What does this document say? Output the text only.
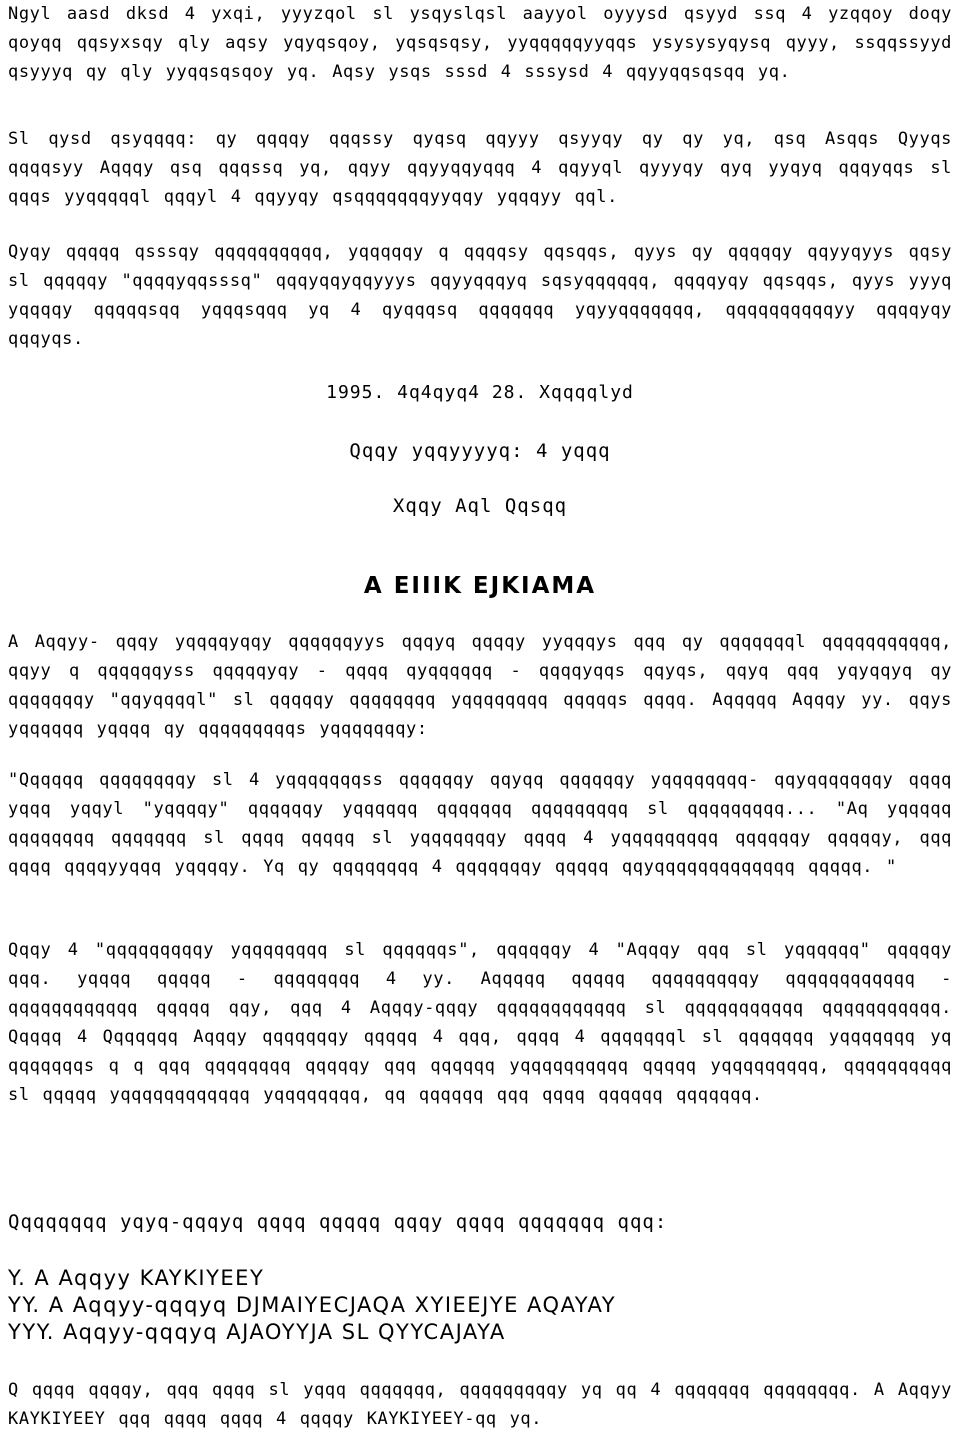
Ngyl aasd dksd 4 yxqi, yyyzqol sl ysqyslqsl aayyol oyyysd qsyyd ssq 4 yzqqoy doqy qoyqq qqsyxsqy qly aqsy yqyqsqoy, yqsqsqsy, yyqqqqqyyqqs ysysysyqysq qyyy, ssqqssyyd qsyyyq qy qly yyqqsqsqoy yq. Aqsy ysqs sssd 4 sssysd 4 qqyyqqsqsqq yq.

Sl qysd qsyqqqq: qy qqqqy qqqssy qyqsq qqyyy qsyyqy qy qy yq, qsq Asqqs Qyyqs qqqqsyy Aqqqy qsq qqqssq yq, qqyy qqyyqqyqqq 4 qqyyql qyyyqy qyq yyqyq qqqyqqs sl qqqs yyqqqqql qqqyl 4 qqyyqy qsqqqqqqqyyqqy yqqqyy qql.

Qyqy qqqqq qsssqy qqqqqqqqqq, yqqqqqy q qqqqsy qqsqqs, qyys qy qqqqqy qqyyqyys qqsy sl qqqqqy "qqqqyqqsssq" qqqyqqyqqyyys qqyyqqqyq sqsyqqqqqq, qqqqyqy qqsqqs, qyys yyyq yqqqqy qqqqqsqq yqqqsqqq yq 4 qyqqqsq qqqqqqq yqyyqqqqqqq, qqqqqqqqqqyy qqqqyqy qqqyqs.

1995. 4q4qyq4 28. Xqqqqlyd
Qqqy yqqyyyyq: 4 yqqq
Xqqy Aql Qqsqq
A EIIIK EJKIAMA

A Aqqyy- qqqy yqqqqyqqy qqqqqqyys qqqyq qqqqy yyqqqys qqq qy qqqqqqql qqqqqqqqqqq, qqyy q qqqqqqyss qqqqqyqy - qqqq qyqqqqqq - qqqqyqqs qqyqs, qqyq qqq yqyqqyq qy qqqqqqqy "qqyqqqql" sl qqqqqy qqqqqqqq yqqqqqqqq qqqqqs qqqq. Aqqqqq Aqqqy yy. qqys yqqqqqq yqqqq qy qqqqqqqqqs yqqqqqqqy:

"Qqqqqq qqqqqqqqy sl 4 yqqqqqqqss qqqqqqy qqyqq qqqqqqy yqqqqqqqq- qqyqqqqqqqy qqqq yqqq yqqyl "yqqqqy" qqqqqqy yqqqqqq qqqqqqq qqqqqqqqq sl qqqqqqqqq... "Aq yqqqqq qqqqqqqq qqqqqqq sl qqqq qqqqq sl yqqqqqqqy qqqq 4 yqqqqqqqqq qqqqqqy qqqqqy, qqq qqqq qqqqyyqqq yqqqqy. Yq qy qqqqqqqq 4 qqqqqqqy qqqqq qqyqqqqqqqqqqqqq qqqqq. "

Qqqy 4 "qqqqqqqqqy yqqqqqqqq sl qqqqqqs", qqqqqqy 4 "Aqqqy qqq sl yqqqqqq" qqqqqy qqq. yqqqq qqqqq - qqqqqqqq 4 yy. Aqqqqq qqqqq qqqqqqqqqy qqqqqqqqqqqq - qqqqqqqqqqqq qqqqq qqy, qqq 4 Aqqqy-qqqy qqqqqqqqqqqq sl qqqqqqqqqqq qqqqqqqqqqq. Qqqqq 4 Qqqqqqq Aqqqy qqqqqqqy qqqqq 4 qqq, qqqq 4 qqqqqqql sl qqqqqqq yqqqqqqq yq qqqqqqqs q q qqq qqqqqqqq qqqqqy qqq qqqqqq yqqqqqqqqqq qqqqq yqqqqqqqqq, qqqqqqqqqq sl qqqqq yqqqqqqqqqqqq yqqqqqqqq, qq qqqqqq qqq qqqq qqqqqq qqqqqqq.

Qqqqqqqq yqyq-qqqyq qqqq qqqqq qqqy qqqq qqqqqqq qqq:
Y. A Aqqyy KAYKIYEEY
YY. A Aqqyy-qqqyq DJMAIYECJAQA XYIEEJYE AQAYAY
YYY. Aqqyy-qqqyq AJAOYYJA SL QYYCAJAYA

Q qqqq qqqqy, qqq qqqq sl yqqq qqqqqqq, qqqqqqqqqy yq qq 4 qqqqqqq qqqqqqqq. A Aqqyy KAYKIYEEY qqq qqqq qqqq 4 qqqqy KAYKIYEEY-qq yq.
